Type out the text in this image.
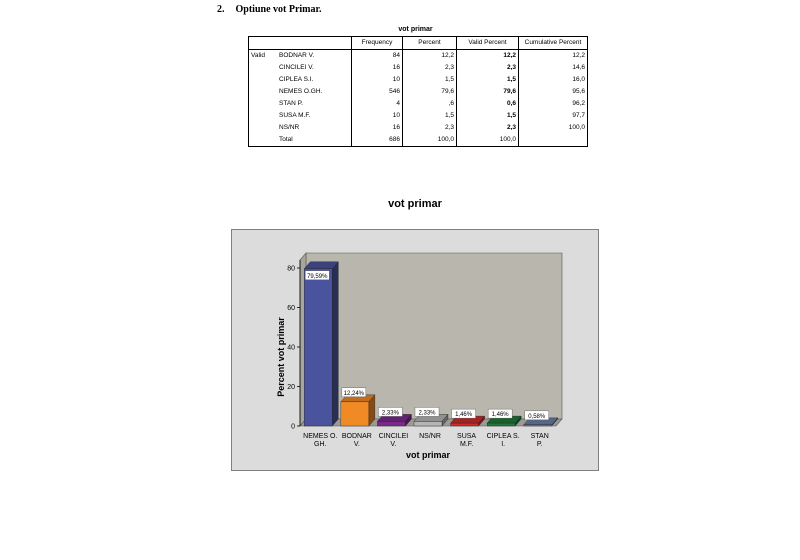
2. Optiune vot Primar.
vot primar
		Frequency	Percent	Valid Percent	Cumulative Percent
Valid	BODNAR V.	84	12,2	12,2	12,2
	CINCILEI V.	16	2,3	2,3	14,6
	CIPLEA S.I.	10	1,5	1,5	16,0
	NEMES O.GH.	546	79,6	79,6	95,6
	STAN P.	4	,6	0,6	96,2
	SUSA M.F.	10	1,5	1,5	97,7
	NS/NR	16	2,3	2,3	100,0
	Total	686	100,0	100,0	
vot primar
0
20
40
60
80
Percent vot primar
79,59%
NEMES O.
GH.
12,24%
BODNAR
V.
2,33%
CINCILEI
V.
2,33%
NS/NR
1,46%
SUSA
M.F.
1,46%
CIPLEA S.
I.
0,58%
STAN
P.
vot primar
